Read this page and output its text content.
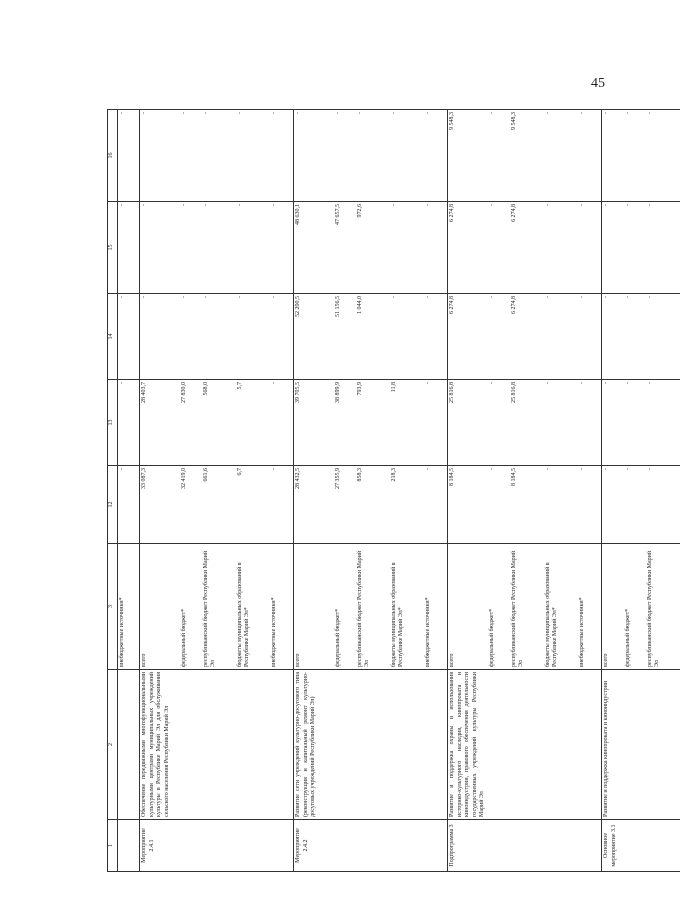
45
1	2	3	12	13	14	15	16
		внебюджетные источники*	-	-	-	-	-
Мероприятие 2.4.1	Обеспечение передвижными многофункциональными культурными центрами муниципальных учреждений культуры в Республике Марий Эл для обслуживания сельского населения Республики Марий Эл	всего	33 087,3	28 403,7	-	-	-
		федеральный бюджет*	32 419,0	27 830,0	-	-	-
		республиканский бюджет Республики Марий Эл	661,6	568,0	-	-	-
		бюджеты муниципальных образований в Республике Марий Эл*	6,7	5,7	-	-	-
		внебюджетные источники*	-	-	-	-	-
Мероприятие 2.4.2	Развитие сети учреждений культурно-досугового типа (реконструкция и капитальный ремонт культурно-досуговых учреждений Республики Марий Эл)	всего	28 432,5	39 705,5	52 200,5	48 630,1	-
		федеральный бюджет*	27 355,9	38 899,9	51 156,5	47 657,5	-
		республиканский бюджет Республики Марий Эл	858,3	793,9	1 044,0	972,6	-
		бюджеты муниципальных образований в Республике Марий Эл*	218,3	11,8	-	-	-
		внебюджетные источники*	-	-	-	-	-
Подпрограмма 3	Развитие и поддержка охраны и использования историко-культурного наследия, кинопроката и киноиндустрии, правового обеспечения деятельности государственных учреждений культуры Республики Марий Эл	всего	8 184,5	25 816,8	6 274,8	6 274,8	9 548,3
		федеральный бюджет*	-	-	-	-	-
		республиканский бюджет Республики Марий Эл	8 184,5	25 816,8	6 274,8	6 274,8	9 548,3
		бюджеты муниципальных образований в Республике Марий Эл*	-	-	-	-	-
		внебюджетные источники*	-	-	-	-	-
Основное мероприятие 3.1	Развитие и поддержка кинопроката и киноиндустрии	всего	-	-	-	-	-
		федеральный бюджет*	-	-	-	-	-
		республиканский бюджет Республики Марий Эл	-	-	-	-	-
